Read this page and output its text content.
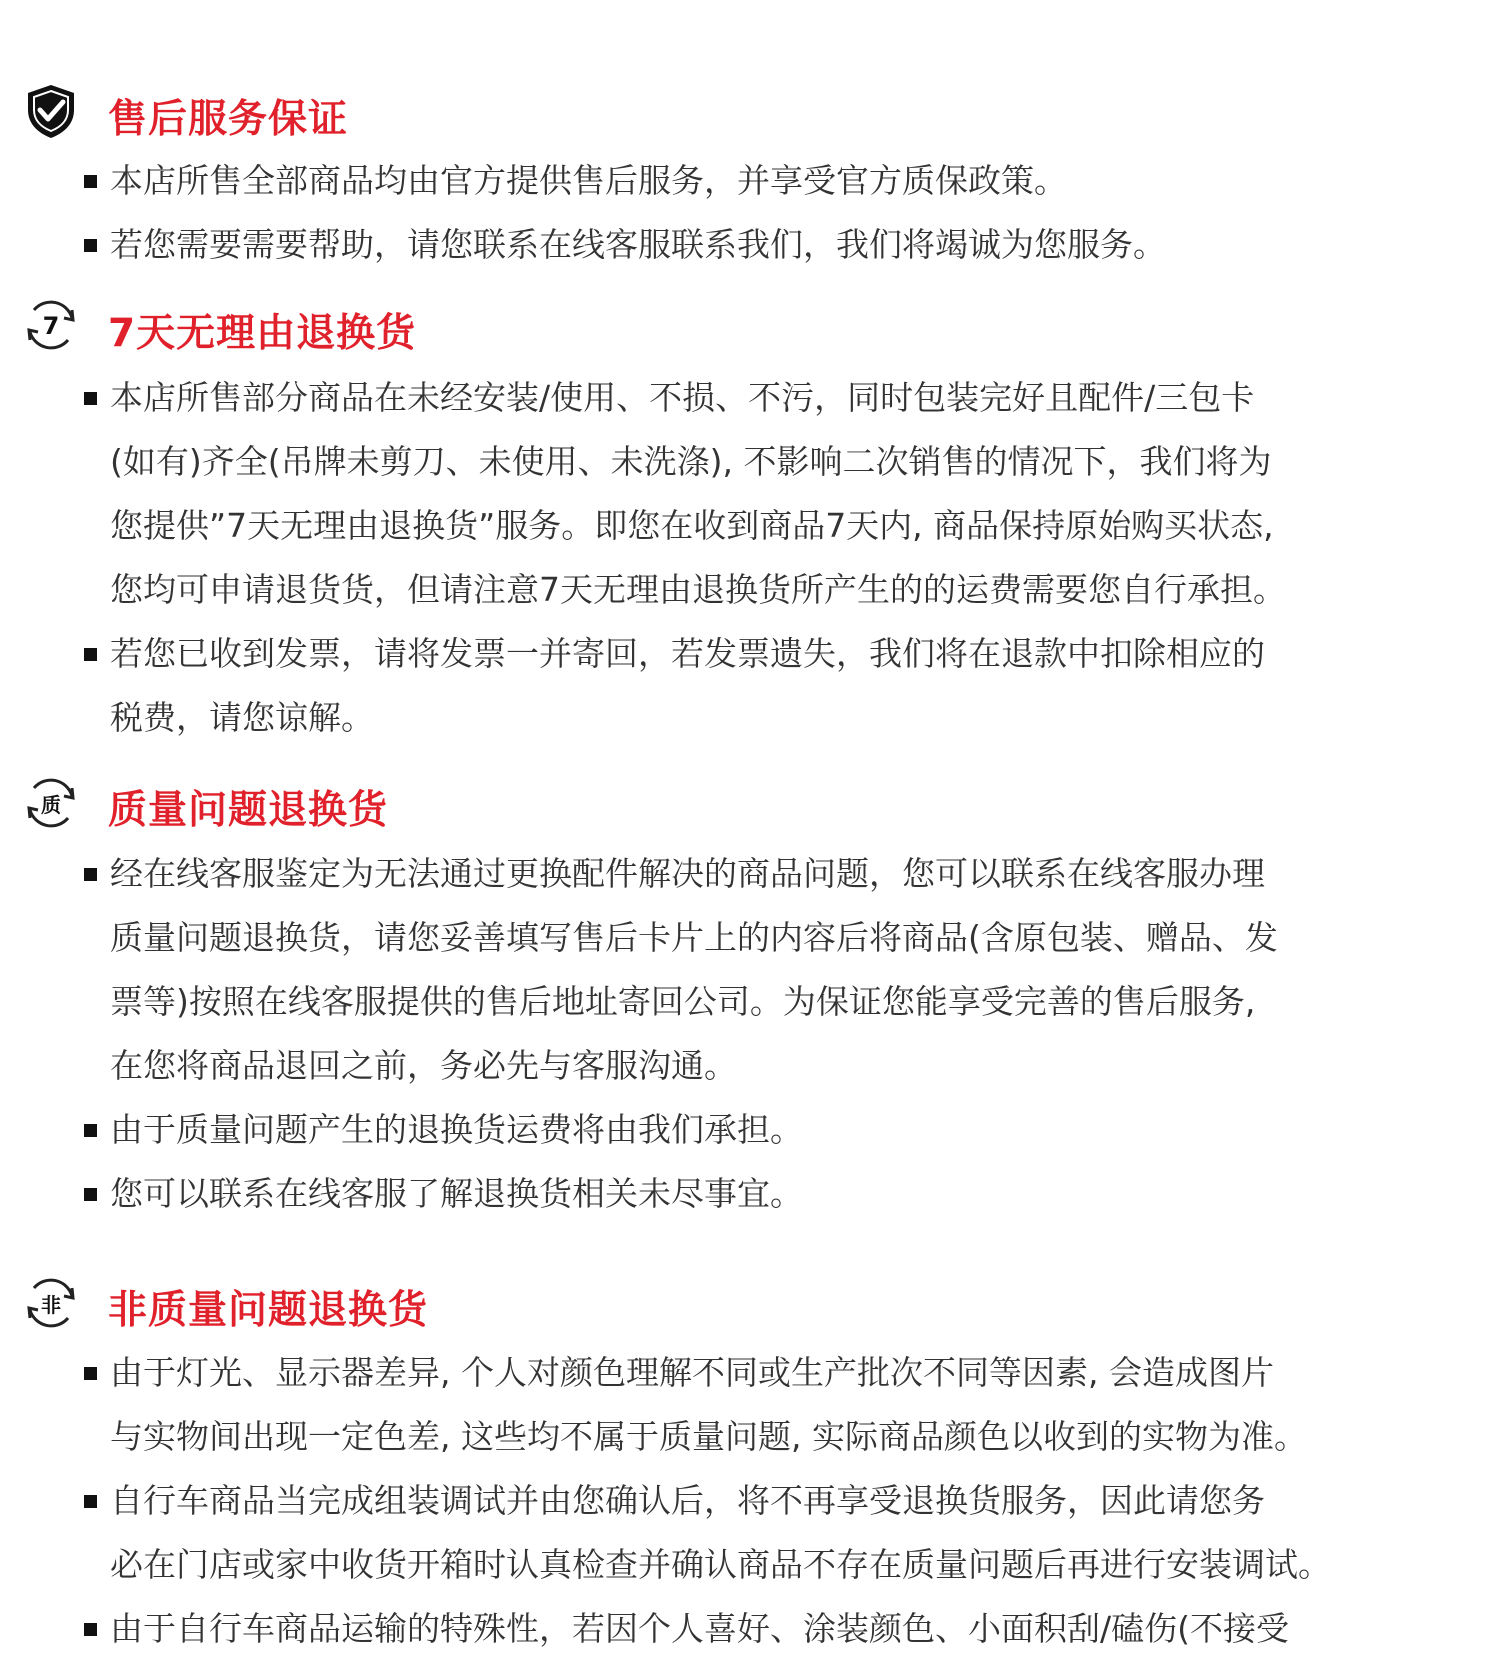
售后服务保证
本店所售全部商品均由官方提供售后服务，并享受官方质保政策。
若您需要需要帮助，请您联系在线客服联系我们，我们将竭诚为您服务。
7 7天无理由退换货
本店所售部分商品在未经安装/使用、不损、不污，同时包装完好且配件/三包卡
(如有)齐全(吊牌未剪刀、未使用、未洗涤), 不影响二次销售的情况下，我们将为
您提供”7天无理由退换货”服务。即您在收到商品7天内, 商品保持原始购买状态,
您均可申请退货货，但请注意7天无理由退换货所产生的的运费需要您自行承担。
若您已收到发票，请将发票一并寄回，若发票遗失，我们将在退款中扣除相应的
税费，请您谅解。
质 质量问题退换货
经在线客服鉴定为无法通过更换配件解决的商品问题，您可以联系在线客服办理
质量问题退换货，请您妥善填写售后卡片上的内容后将商品(含原包装、赠品、发
票等)按照在线客服提供的售后地址寄回公司。为保证您能享受完善的售后服务,
在您将商品退回之前，务必先与客服沟通。
由于质量问题产生的退换货运费将由我们承担。
您可以联系在线客服了解退换货相关未尽事宜。
非 非质量问题退换货
由于灯光、显示器差异, 个人对颜色理解不同或生产批次不同等因素, 会造成图片
与实物间出现一定色差, 这些均不属于质量问题, 实际商品颜色以收到的实物为准。
自行车商品当完成组装调试并由您确认后，将不再享受退换货服务，因此请您务
必在门店或家中收货开箱时认真检查并确认商品不存在质量问题后再进行安装调试。
由于自行车商品运输的特殊性，若因个人喜好、涂装颜色、小面积刮/磕伤(不接受
